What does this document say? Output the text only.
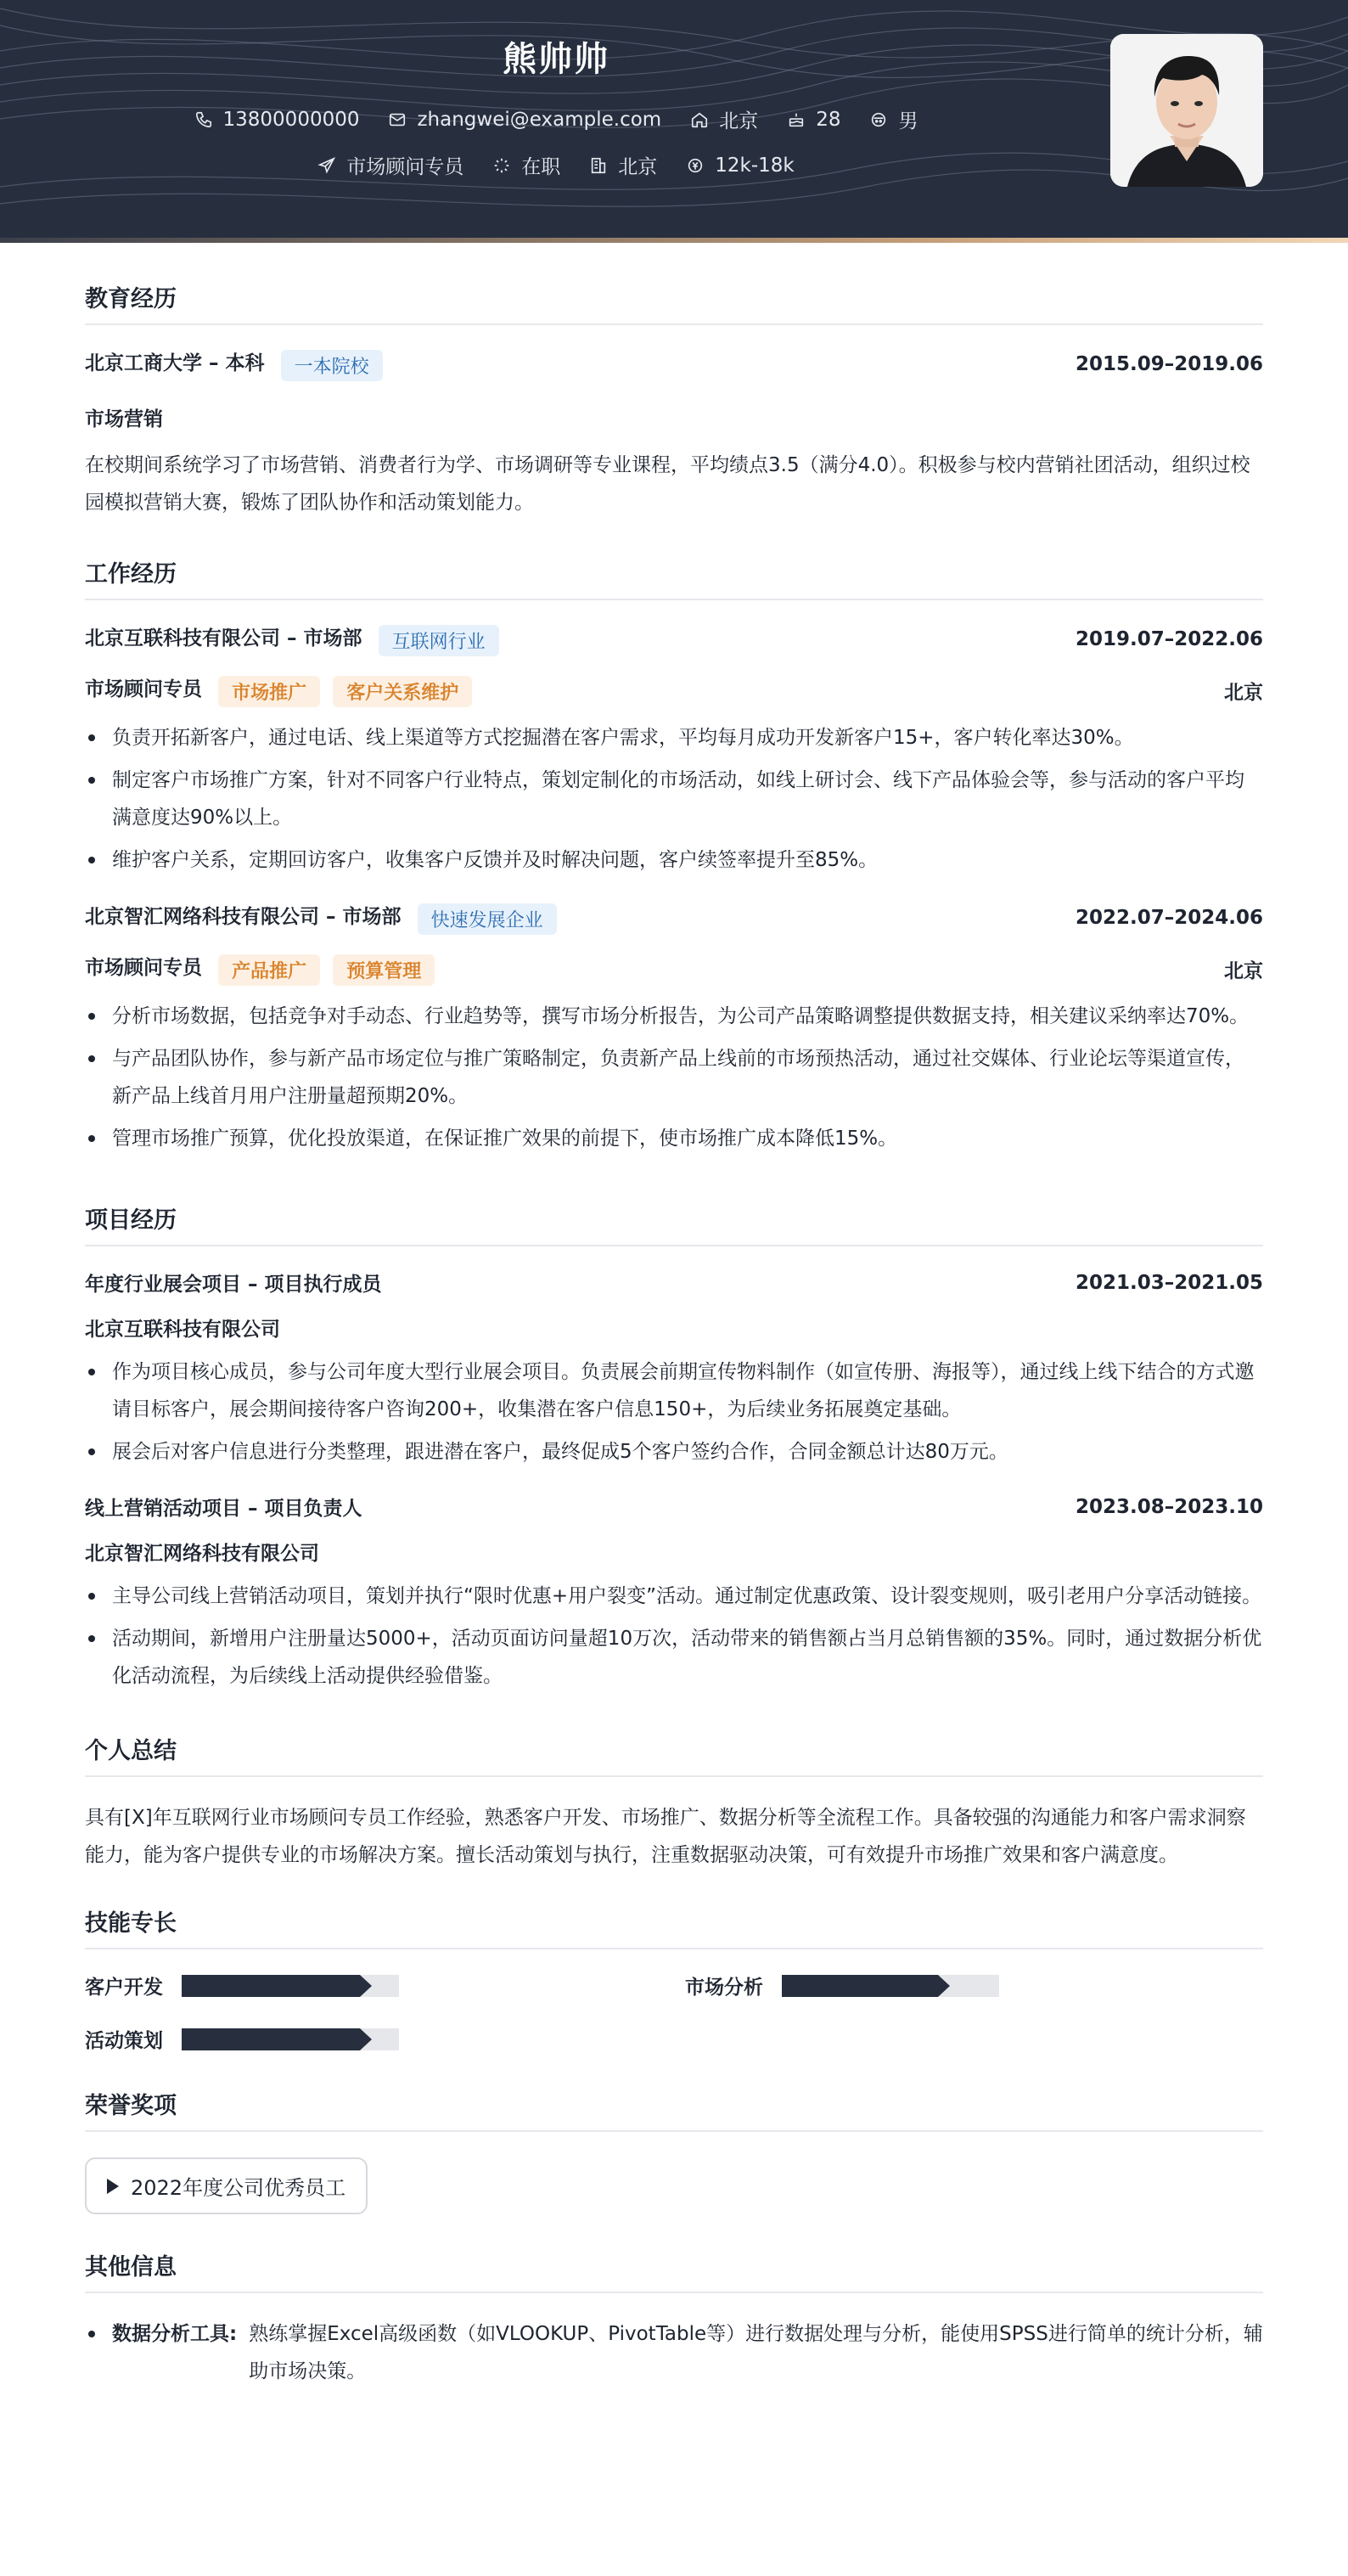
熊帅帅
13800000000	zhangwei@example.com	北京	28	男
市场顾问专员	在职	北京	12k-18k
教育经历
北京工商大学 – 本科 一本院校	2015.09–2019.06
市场营销
在校期间系统学习了市场营销、消费者行为学、市场调研等专业课程，平均绩点3.5（满分4.0）。积极参与校内营销社团活动，组织过校园模拟营销大赛，锻炼了团队协作和活动策划能力。
工作经历
北京互联科技有限公司 – 市场部 互联网行业	2019.07–2022.06
市场顾问专员 市场推广 客户关系维护	北京
负责开拓新客户，通过电话、线上渠道等方式挖掘潜在客户需求，平均每月成功开发新客户15+，客户转化率达30%。
制定客户市场推广方案，针对不同客户行业特点，策划定制化的市场活动，如线上研讨会、线下产品体验会等，参与活动的客户平均满意度达90%以上。
维护客户关系，定期回访客户，收集客户反馈并及时解决问题，客户续签率提升至85%。
北京智汇网络科技有限公司 – 市场部 快速发展企业	2022.07–2024.06
市场顾问专员 产品推广 预算管理	北京
分析市场数据，包括竞争对手动态、行业趋势等，撰写市场分析报告，为公司产品策略调整提供数据支持，相关建议采纳率达70%。
与产品团队协作，参与新产品市场定位与推广策略制定，负责新产品上线前的市场预热活动，通过社交媒体、行业论坛等渠道宣传，新产品上线首月用户注册量超预期20%。
管理市场推广预算，优化投放渠道，在保证推广效果的前提下，使市场推广成本降低15%。
项目经历
年度行业展会项目 – 项目执行成员	2021.03–2021.05
北京互联科技有限公司
作为项目核心成员，参与公司年度大型行业展会项目。负责展会前期宣传物料制作（如宣传册、海报等），通过线上线下结合的方式邀请目标客户，展会期间接待客户咨询200+，收集潜在客户信息150+，为后续业务拓展奠定基础。
展会后对客户信息进行分类整理，跟进潜在客户，最终促成5个客户签约合作，合同金额总计达80万元。
线上营销活动项目 – 项目负责人	2023.08–2023.10
北京智汇网络科技有限公司
主导公司线上营销活动项目，策划并执行“限时优惠+用户裂变”活动。通过制定优惠政策、设计裂变规则，吸引老用户分享活动链接。
活动期间，新增用户注册量达5000+，活动页面访问量超10万次，活动带来的销售额占当月总销售额的35%。同时，通过数据分析优化活动流程，为后续线上活动提供经验借鉴。
个人总结
具有[X]年互联网行业市场顾问专员工作经验，熟悉客户开发、市场推广、数据分析等全流程工作。具备较强的沟通能力和客户需求洞察能力，能为客户提供专业的市场解决方案。擅长活动策划与执行，注重数据驱动决策，可有效提升市场推广效果和客户满意度。
技能专长
客户开发	市场分析
活动策划
荣誉奖项
2022年度公司优秀员工
其他信息
数据分析工具: 熟练掌握Excel高级函数（如VLOOKUP、PivotTable等）进行数据处理与分析，能使用SPSS进行简单的统计分析，辅助市场决策。
